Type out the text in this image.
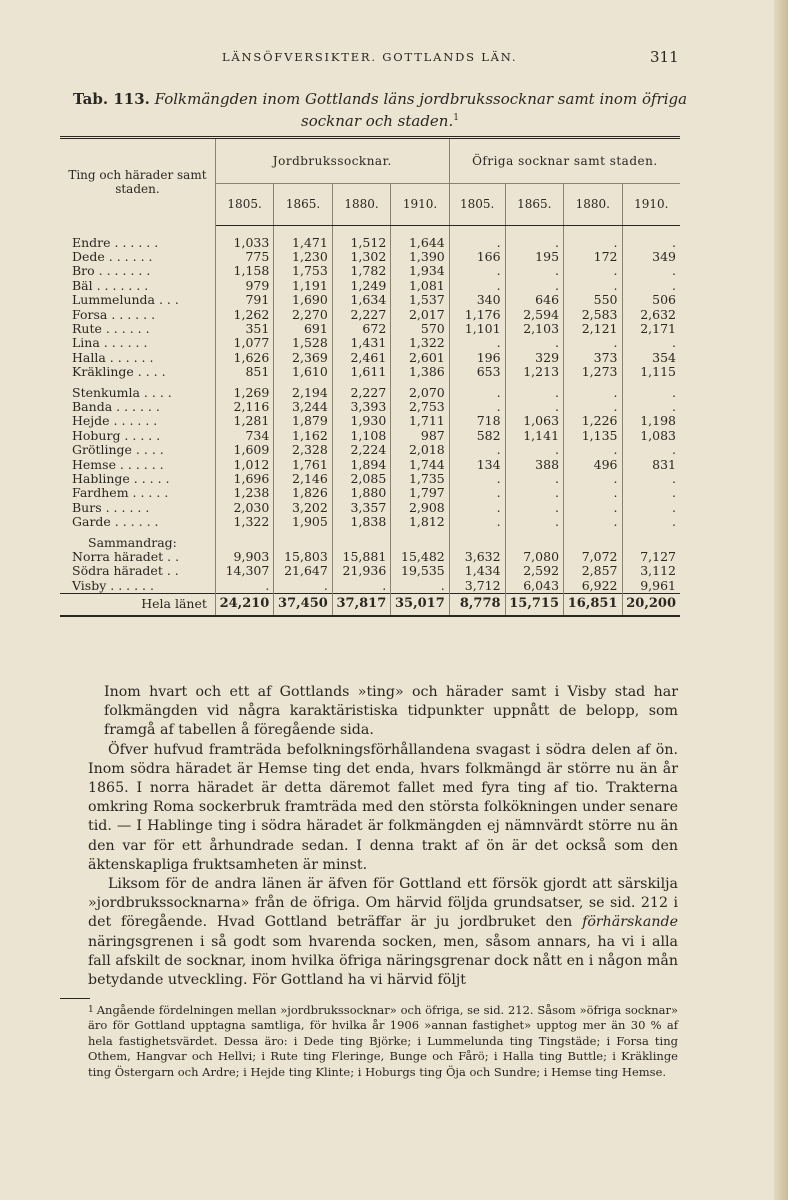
LÄNSÖFVERSIKTER. GOTTLANDS LÄN.	311
Tab. 113. Folkmängden inom Gottlands läns jordbrukssocknar samt inom öfriga socknar och staden.$^1$
Ting och härader samt staden.	Jordbrukssocknar.				Öfriga socknar samt staden.			
	1805.	1865.	1880.	1910.	1805.	1865.	1880.	1910.

Endre . . . . . .	1,033	1,471	1,512	1,644	.	.	.	.
Dede . . . . . .	775	1,230	1,302	1,390	166	195	172	349
Bro . . . . . . .	1,158	1,753	1,782	1,934	.	.	.	.
Bäl . . . . . . .	979	1,191	1,249	1,081	.	.	.	.
Lummelunda . . .	791	1,690	1,634	1,537	340	646	550	506
Forsa . . . . . .	1,262	2,270	2,227	2,017	1,176	2,594	2,583	2,632
Rute . . . . . .	351	691	672	570	1,101	2,103	2,121	2,171
Lina . . . . . .	1,077	1,528	1,431	1,322	.	.	.	.
Halla . . . . . .	1,626	2,369	2,461	2,601	196	329	373	354
Kräklinge . . . .	851	1,610	1,611	1,386	653	1,213	1,273	1,115

Stenkumla . . . .	1,269	2,194	2,227	2,070	.	.	.	.
Banda . . . . . .	2,116	3,244	3,393	2,753	.	.	.	.
Hejde . . . . . .	1,281	1,879	1,930	1,711	718	1,063	1,226	1,198
Hoburg . . . . .	734	1,162	1,108	987	582	1,141	1,135	1,083
Grötlinge . . . .	1,609	2,328	2,224	2,018	.	.	.	.
Hemse . . . . . .	1,012	1,761	1,894	1,744	134	388	496	831
Hablinge . . . . .	1,696	2,146	2,085	1,735	.	.	.	.
Fardhem . . . . .	1,238	1,826	1,880	1,797	.	.	.	.
Burs . . . . . .	2,030	3,202	3,357	2,908	.	.	.	.
Garde . . . . . .	1,322	1,905	1,838	1,812	.	.	.	.

Sammandrag:								
Norra häradet . .	9,903	15,803	15,881	15,482	3,632	7,080	7,072	7,127
Södra häradet . .	14,307	21,647	21,936	19,535	1,434	2,592	2,857	3,112
Visby . . . . . .	.	.	.	.	3,712	6,043	6,922	9,961
Hela länet	24,210	37,450	37,817	35,017	8,778	15,715	16,851	20,200

Inom hvart och ett af Gottlands »ting» och härader samt i Visby stad har folkmängden vid några karaktäristiska tidpunkter uppnått de belopp, som framgå af tabellen å föregående sida.

Öfver hufvud framträda befolkningsförhållandena svagast i södra delen af ön. Inom södra häradet är Hemse ting det enda, hvars folkmängd är större nu än år 1865. I norra häradet är detta däremot fallet med fyra ting af tio. Trakterna omkring Roma sockerbruk framträda med den största folkökningen under senare tid. — I Hablinge ting i södra häradet är folkmängden ej nämnvärdt större nu än den var för ett århundrade sedan. I denna trakt af ön är det också som den äktenskapliga fruktsamheten är minst.

Liksom för de andra länen är äfven för Gottland ett försök gjordt att särskilja »jordbrukssocknarna» från de öfriga. Om härvid följda grundsatser, se sid. 212 i det föregående. Hvad Gottland beträffar är ju jordbruket den förhärskande näringsgrenen i så godt som hvarenda socken, men, såsom annars, ha vi i alla fall afskilt de socknar, inom hvilka öfriga näringsgrenar dock nått en i någon mån betydande utveckling. För Gottland ha vi härvid följt

$^1$ Angående fördelningen mellan »jordbrukssocknar» och öfriga, se sid. 212. Såsom »öfriga socknar» äro för Gottland upptagna samtliga, för hvilka år 1906 »annan fastighet» upptog mer än 30 % af hela fastighetsvärdet. Dessa äro: i Dede ting Björke; i Lummelunda ting Tingstäde; i Forsa ting Othem, Hangvar och Hellvi; i Rute ting Fleringe, Bunge och Fårö; i Halla ting Buttle; i Kräklinge ting Östergarn och Ardre; i Hejde ting Klinte; i Hoburgs ting Öja och Sundre; i Hemse ting Hemse.
